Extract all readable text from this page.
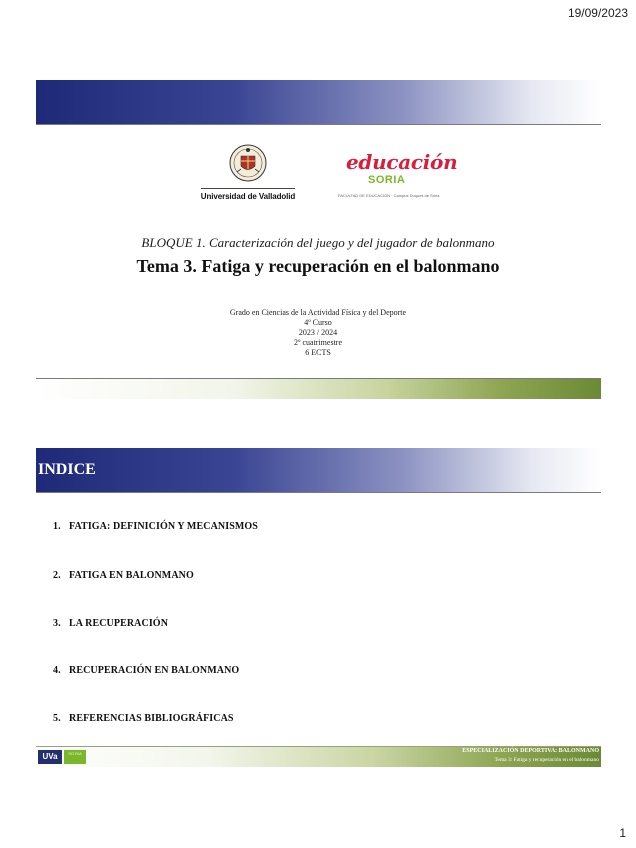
19/09/2023
Universidad de Valladolid
educación
SORIA
FACULTAD DE EDUCACIÓN · Campus Duques de Soria
BLOQUE 1. Caracterización del juego y del jugador de balonmano
Tema 3. Fatiga y recuperación en el balonmano
Grado en Ciencias de la Actividad Física y del Deporte
4º Curso
2023 / 2024
2º cuatrimestre
6 ECTS
INDICE
1. FATIGA: DEFINICIÓN Y MECANISMOS
2. FATIGA EN BALONMANO
3. LA RECUPERACIÓN
4. RECUPERACIÓN EN BALONMANO
5. REFERENCIAS BIBLIOGRÁFICAS
UVa	SO RIA	ESPECIALIZACIÓN DEPORTIVA: BALONMANO
Tema 3: Fatiga y recuperación en el balonmano
1
